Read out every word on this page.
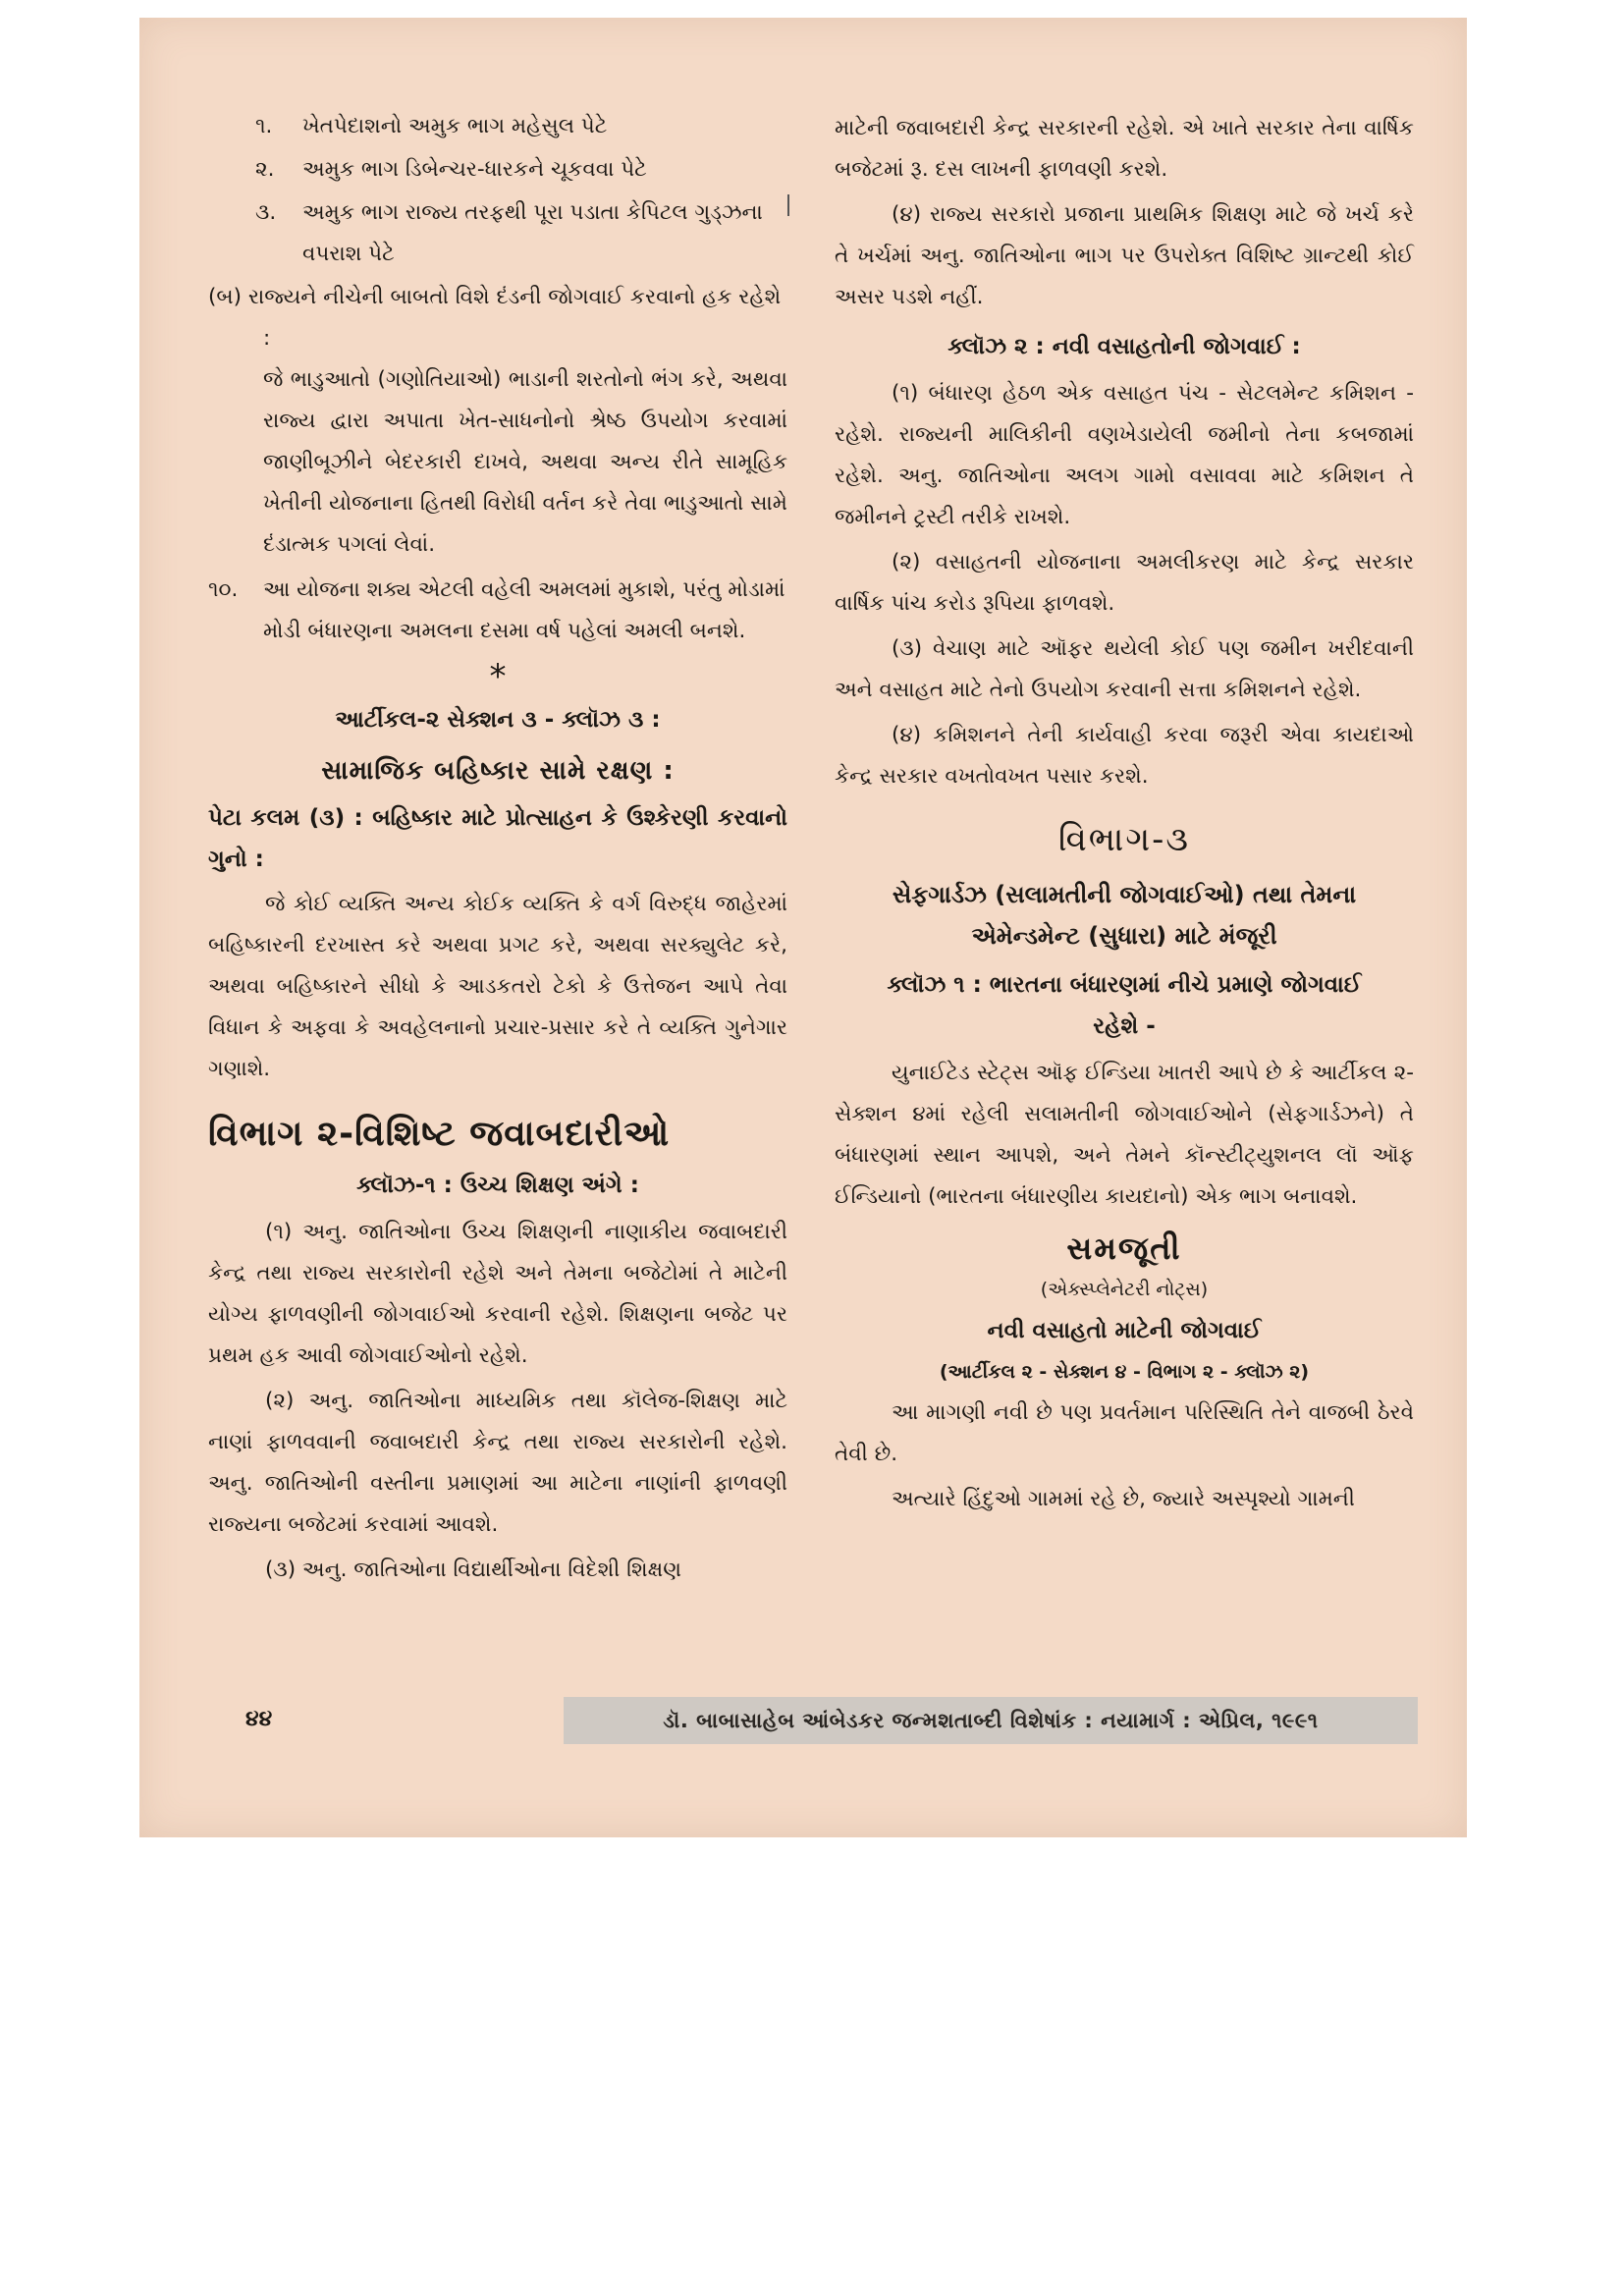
૧. ખેતપેદાશનો અમુક ભાગ મહેસુલ પેટે
૨. અમુક ભાગ ડિબેન્ચર-ધારકને ચૂકવવા પેટે
૩. અમુક ભાગ રાજ્ય તરફથી પૂરા પડાતા કેપિટલ ગુડ્ઝના વપરાશ પેટે

(બ) રાજ્યને નીચેની બાબતો વિશે દંડની જોગવાઈ કરવાનો હક રહેશે :

જે ભાડુઆતો (ગણોતિયાઓ) ભાડાની શરતોનો ભંગ કરે, અથવા રાજ્ય દ્વારા અપાતા ખેત-સાધનોનો શ્રેષ્ઠ ઉપયોગ કરવામાં જાણીબૂઝીને બેદરકારી દાખવે, અથવા અન્ય રીતે સામૂહિક ખેતીની યોજનાના હિતથી વિરોધી વર્તન કરે તેવા ભાડુઆતો સામે દંડાત્મક પગલાં લેવાં.

૧૦. આ યોજના શક્ય એટલી વહેલી અમલમાં મુકાશે, પરંતુ મોડામાં મોડી બંધારણના અમલના દસમા વર્ષ પહેલાં અમલી બનશે.

*

આર્ટીકલ-૨ સેક્શન ૩ - ક્લૉઝ ૩ :

સામાજિક બહિષ્કાર સામે રક્ષણ :

પેટા કલમ (૩) : બહિષ્કાર માટે પ્રોત્સાહન કે ઉશ્કેરણી કરવાનો ગુનો :

જે કોઈ વ્યક્તિ અન્ય કોઈક વ્યક્તિ કે વર્ગ વિરુદ્ધ જાહેરમાં બહિષ્કારની દરખાસ્ત કરે અથવા પ્રગટ કરે, અથવા સરક્યુલેટ કરે, અથવા બહિષ્કારને સીધો કે આડકતરો ટેકો કે ઉત્તેજન આપે તેવા વિધાન કે અફવા કે અવહેલનાનો પ્રચાર-પ્રસાર કરે તે વ્યક્તિ ગુનેગાર ગણાશે.

વિભાગ ૨-વિશિષ્ટ જવાબદારીઓ

ક્લૉઝ-૧ : ઉચ્ચ શિક્ષણ અંગે :

(૧) અનુ. જાતિઓના ઉચ્ચ શિક્ષણની નાણાકીય જવાબદારી કેન્દ્ર તથા રાજ્ય સરકારોની રહેશે અને તેમના બજેટોમાં તે માટેની યોગ્ય ફાળવણીની જોગવાઈઓ કરવાની રહેશે. શિક્ષણના બજેટ પર પ્રથમ હક આવી જોગવાઈઓનો રહેશે.

(૨) અનુ. જાતિઓના માધ્યમિક તથા કૉલેજ-શિક્ષણ માટે નાણાં ફાળવવાની જવાબદારી કેન્દ્ર તથા રાજ્ય સરકારોની રહેશે. અનુ. જાતિઓની વસ્તીના પ્રમાણમાં આ માટેના નાણાંની ફાળવણી રાજ્યના બજેટમાં કરવામાં આવશે.

(૩) અનુ. જાતિઓના વિદ્યાર્થીઓના વિદેશી શિક્ષણ

માટેની જવાબદારી કેન્દ્ર સરકારની રહેશે. એ ખાતે સરકાર તેના વાર્ષિક બજેટમાં રૂ. દસ લાખની ફાળવણી કરશે.

(૪) રાજ્ય સરકારો પ્રજાના પ્રાથમિક શિક્ષણ માટે જે ખર્ચ કરે તે ખર્ચમાં અનુ. જાતિઓના ભાગ પર ઉપરોક્ત વિશિષ્ટ ગ્રાન્ટથી કોઈ અસર પડશે નહીં.

ક્લૉઝ ૨ : નવી વસાહતોની જોગવાઈ :

(૧) બંધારણ હેઠળ એક વસાહત પંચ - સેટલમેન્ટ કમિશન - રહેશે. રાજ્યની માલિકીની વણખેડાયેલી જમીનો તેના કબજામાં રહેશે. અનુ. જાતિઓના અલગ ગામો વસાવવા માટે કમિશન તે જમીનને ટ્રસ્ટી તરીકે રાખશે.

(૨) વસાહતની યોજનાના અમલીકરણ માટે કેન્દ્ર સરકાર વાર્ષિક પાંચ કરોડ રૂપિયા ફાળવશે.

(૩) વેચાણ માટે ઑફર થયેલી કોઈ પણ જમીન ખરીદવાની અને વસાહત માટે તેનો ઉપયોગ કરવાની સત્તા કમિશનને રહેશે.

(૪) કમિશનને તેની કાર્યવાહી કરવા જરૂરી એવા કાયદાઓ કેન્દ્ર સરકાર વખતોવખત પસાર કરશે.

વિભાગ-૩

સેફગાર્ડઝ (સલામતીની જોગવાઈઓ) તથા તેમના એમેન્ડમેન્ટ (સુધારા) માટે મંજૂરી

ક્લૉઝ ૧ : ભારતના બંધારણમાં નીચે પ્રમાણે જોગવાઈ રહેશે -

યુનાઈટેડ સ્ટેટ્સ ઑફ ઈન્ડિયા ખાતરી આપે છે કે આર્ટીકલ ૨-સેક્શન ૪માં રહેલી સલામતીની જોગવાઈઓને (સેફગાર્ડઝને) તે બંધારણમાં સ્થાન આપશે, અને તેમને કૉન્સ્ટીટ્યુશનલ લૉ ઑફ ઈન્ડિયાનો (ભારતના બંધારણીય કાયદાનો) એક ભાગ બનાવશે.

સમજૂતી

(એક્સ્પ્લેનેટરી નોટ્સ)

નવી વસાહતો માટેની જોગવાઈ

(આર્ટીકલ ૨ - સેક્શન ૪ - વિભાગ ૨ - ક્લૉઝ ૨)

આ માગણી નવી છે પણ પ્રવર્તમાન પરિસ્થિતિ તેને વાજબી ઠેરવે તેવી છે.

અત્યારે હિંદુઓ ગામમાં રહે છે, જ્યારે અસ્પૃશ્યો ગામની

૪૪	ડૉ. બાબાસાહેબ આંબેડકર જન્મશતાબ્દી વિશેષાંક : નયામાર્ગ : એપ્રિલ, ૧૯૯૧
